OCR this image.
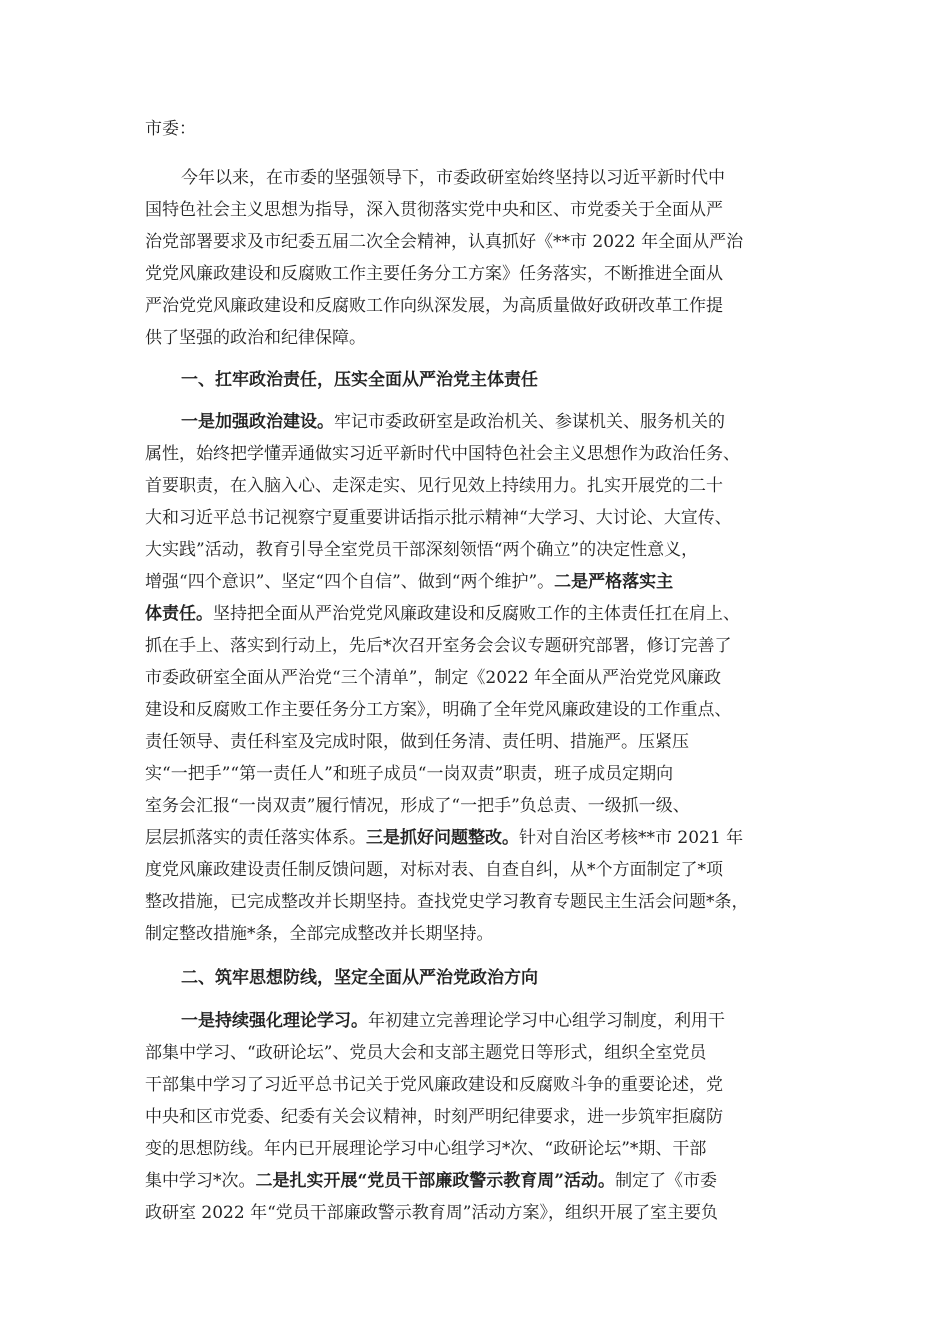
市委：
今年以来，在市委的坚强领导下，市委政研室始终坚持以习近平新时代中
国特色社会主义思想为指导，深入贯彻落实党中央和区、市党委关于全面从严
治党部署要求及市纪委五届二次全会精神，认真抓好《**市 2022 年全面从严治
党党风廉政建设和反腐败工作主要任务分工方案》任务落实，不断推进全面从
严治党党风廉政建设和反腐败工作向纵深发展，为高质量做好政研改革工作提
供了坚强的政治和纪律保障。
一、扛牢政治责任，压实全面从严治党主体责任
一是加强政治建设。牢记市委政研室是政治机关、参谋机关、服务机关的
属性，始终把学懂弄通做实习近平新时代中国特色社会主义思想作为政治任务、
首要职责，在入脑入心、走深走实、见行见效上持续用力。扎实开展党的二十
大和习近平总书记视察宁夏重要讲话指示批示精神“大学习、大讨论、大宣传、
大实践”活动，教育引导全室党员干部深刻领悟“两个确立”的决定性意义，
增强“四个意识”、坚定“四个自信”、做到“两个维护”。二是严格落实主
体责任。坚持把全面从严治党党风廉政建设和反腐败工作的主体责任扛在肩上、
抓在手上、落实到行动上，先后*次召开室务会会议专题研究部署，修订完善了
市委政研室全面从严治党“三个清单”，制定《2022 年全面从严治党党风廉政
建设和反腐败工作主要任务分工方案》，明确了全年党风廉政建设的工作重点、
责任领导、责任科室及完成时限，做到任务清、责任明、措施严。压紧压
实“一把手”“第一责任人”和班子成员“一岗双责”职责，班子成员定期向
室务会汇报“一岗双责”履行情况，形成了“一把手”负总责、一级抓一级、
层层抓落实的责任落实体系。三是抓好问题整改。针对自治区考核**市 2021 年
度党风廉政建设责任制反馈问题，对标对表、自查自纠，从*个方面制定了*项
整改措施，已完成整改并长期坚持。查找党史学习教育专题民主生活会问题*条，
制定整改措施*条，全部完成整改并长期坚持。
二、筑牢思想防线，坚定全面从严治党政治方向
一是持续强化理论学习。年初建立完善理论学习中心组学习制度，利用干
部集中学习、“政研论坛”、党员大会和支部主题党日等形式，组织全室党员
干部集中学习了习近平总书记关于党风廉政建设和反腐败斗争的重要论述，党
中央和区市党委、纪委有关会议精神，时刻严明纪律要求，进一步筑牢拒腐防
变的思想防线。年内已开展理论学习中心组学习*次、“政研论坛”*期、干部
集中学习*次。二是扎实开展“党员干部廉政警示教育周”活动。制定了《市委
政研室 2022 年“党员干部廉政警示教育周”活动方案》，组织开展了室主要负
